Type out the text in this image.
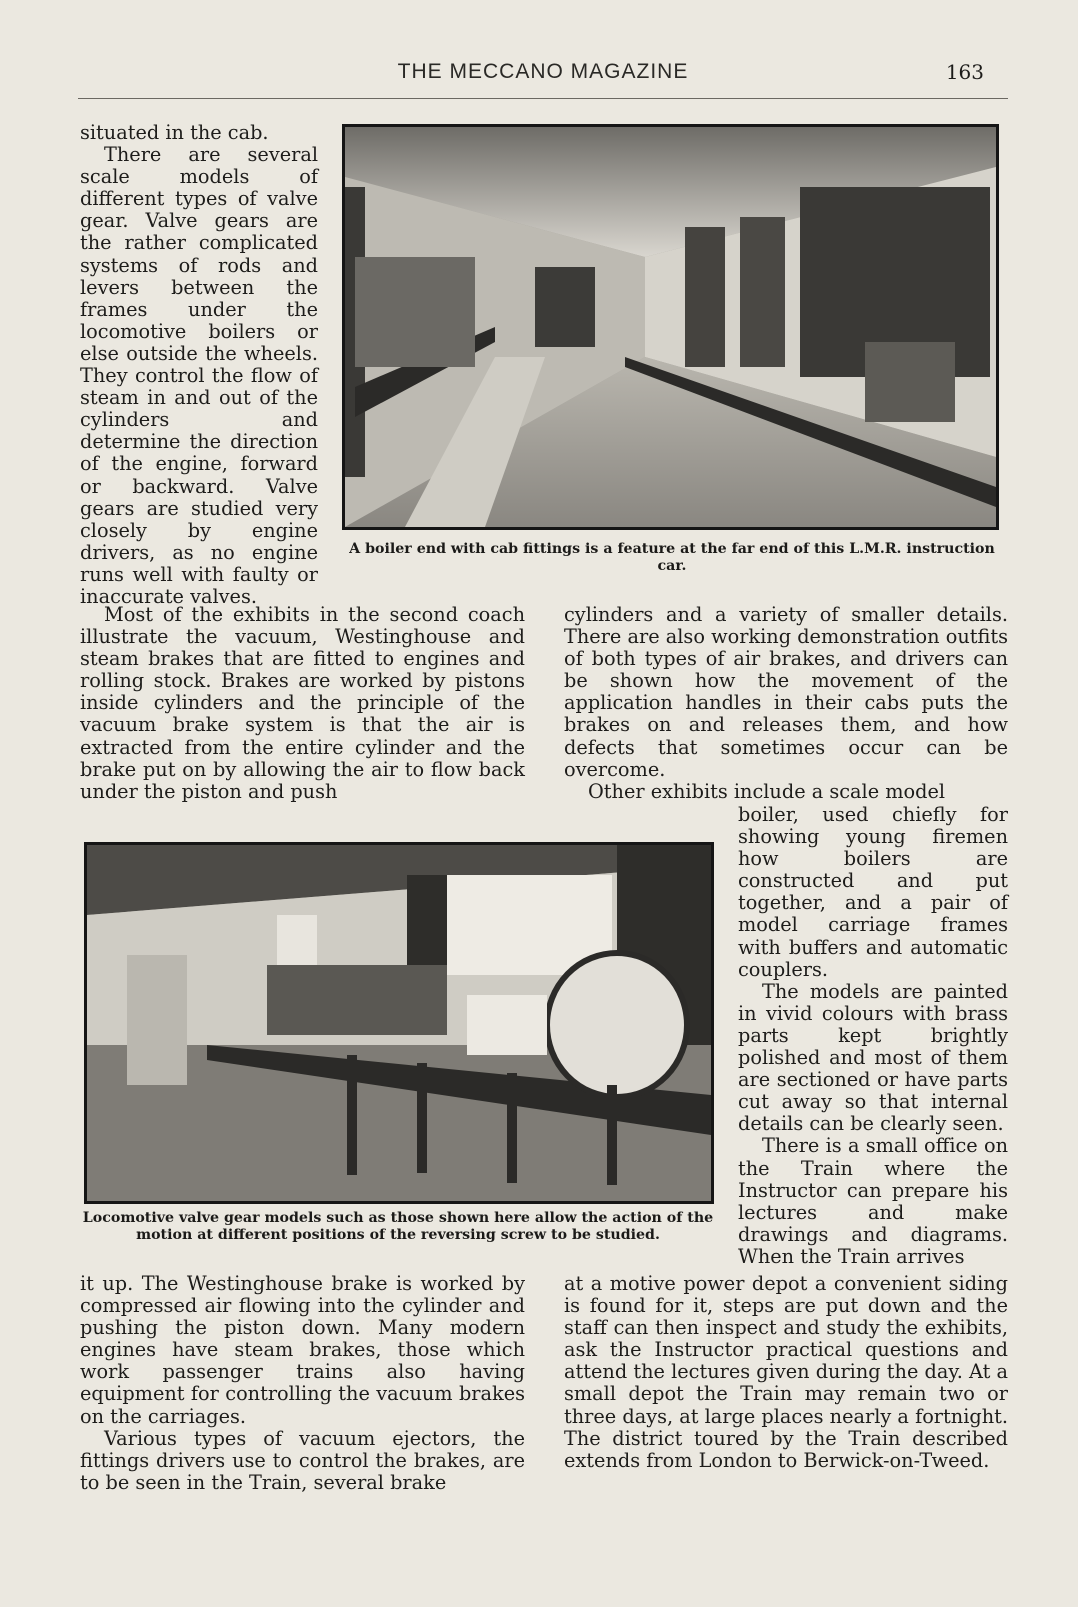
THE MECCANO MAGAZINE	163

situated in the cab.

There are several scale models of different types of valve gear. Valve gears are the rather complicated systems of rods and levers between the frames under the locomotive boilers or else outside the wheels. They control the flow of steam in and out of the cylinders and determine the direction of the engine, forward or backward. Valve gears are studied very closely by engine drivers, as no engine runs well with faulty or inaccurate valves.

A boiler end with cab fittings is a feature at the far end of this L.M.R. instruction car.

Most of the exhibits in the second coach illustrate the vacuum, Westinghouse and steam brakes that are fitted to engines and rolling stock. Brakes are worked by pistons inside cylinders and the principle of the vacuum brake system is that the air is extracted from the entire cylinder and the brake put on by allowing the air to flow back under the piston and push

cylinders and a variety of smaller details. There are also working demonstration outfits of both types of air brakes, and drivers can be shown how the movement of the application handles in their cabs puts the brakes on and releases them, and how defects that sometimes occur can be overcome.

Other exhibits include a scale model

boiler, used chiefly for showing young firemen how boilers are constructed and put together, and a pair of model carriage frames with buffers and automatic couplers.

The models are painted in vivid colours with brass parts kept brightly polished and most of them are sectioned or have parts cut away so that internal details can be clearly seen.

There is a small office on the Train where the Instructor can prepare his lectures and make drawings and diagrams. When the Train arrives

Locomotive valve gear models such as those shown here allow the action of the motion at different positions of the reversing screw to be studied.

it up. The Westinghouse brake is worked by compressed air flowing into the cylinder and pushing the piston down. Many modern engines have steam brakes, those which work passenger trains also having equipment for controlling the vacuum brakes on the carriages.

Various types of vacuum ejectors, the fittings drivers use to control the brakes, are to be seen in the Train, several brake

at a motive power depot a convenient siding is found for it, steps are put down and the staff can then inspect and study the exhibits, ask the Instructor practical questions and attend the lectures given during the day. At a small depot the Train may remain two or three days, at large places nearly a fortnight. The district toured by the Train described extends from London to Berwick-on-Tweed.
